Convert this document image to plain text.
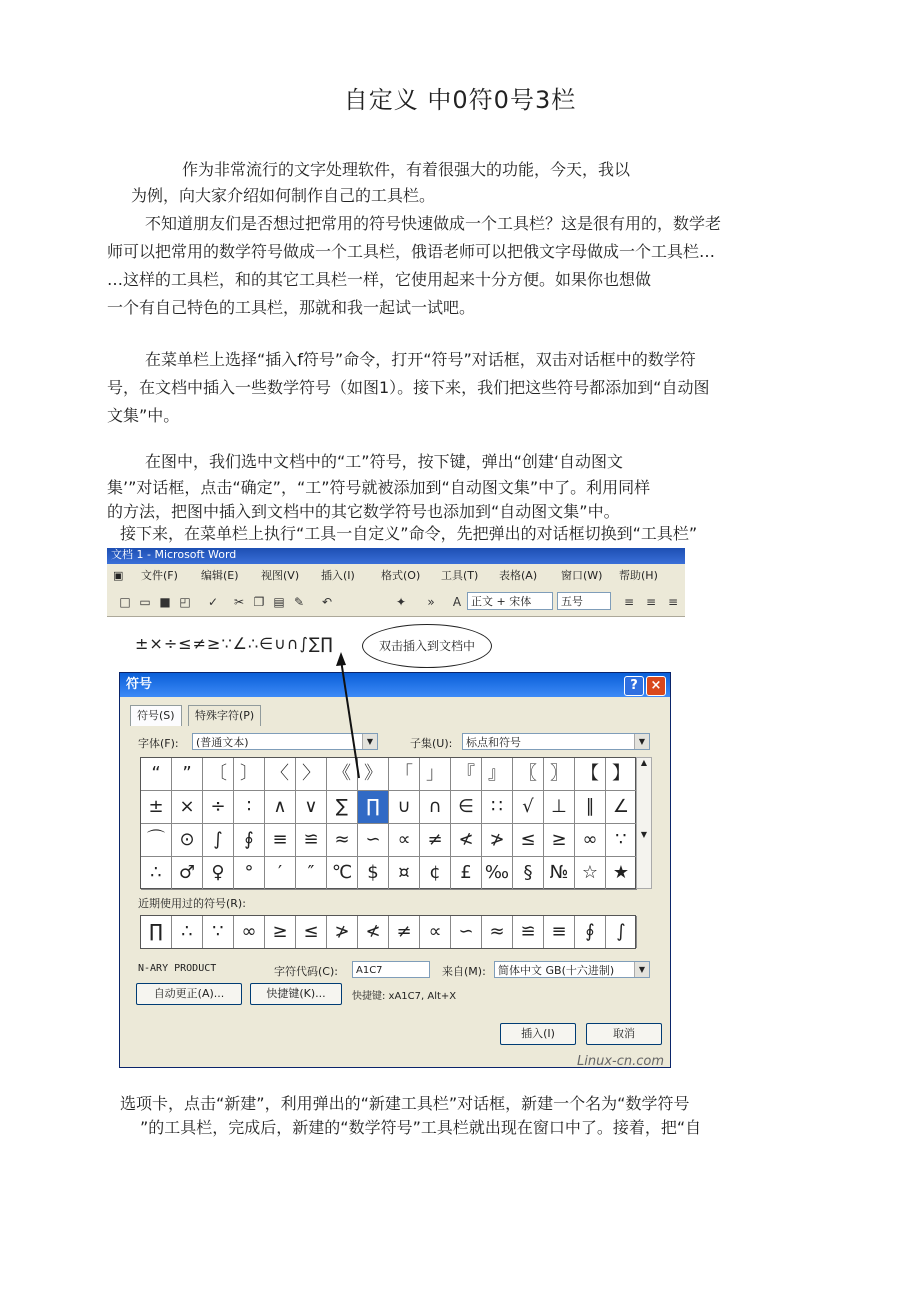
自定义 中0符0号3栏
作为非常流行的文字处理软件，有着很强大的功能，今天，我以
为例，向大家介绍如何制作自己的工具栏。
不知道朋友们是否想过把常用的符号快速做成一个工具栏？这是很有用的，数学老
师可以把常用的数学符号做成一个工具栏，俄语老师可以把俄文字母做成一个工具栏…
…这样的工具栏，和的其它工具栏一样，它使用起来十分方便。如果你也想做
一个有自己特色的工具栏，那就和我一起试一试吧。
在菜单栏上选择“插入f符号”命令，打开“符号”对话框，双击对话框中的数学符
号，在文档中插入一些数学符号（如图1）。接下来，我们把这些符号都添加到“自动图
文集”中。
在图中，我们选中文档中的“工”符号，按下键，弹出“创建‘自动图文
集’”对话框，点击“确定”，“工”符号就被添加到“自动图文集”中了。利用同样
的方法，把图中插入到文档中的其它数学符号也添加到“自动图文集”中。
接下来，在菜单栏上执行“工具一自定义”命令，先把弹出的对话框切换到“工具栏”
文档 1 - Microsoft Word
▣ 文件(F) 编辑(E) 视图(V) 插入(I) 格式(O) 工具(T) 表格(A) 窗口(W) 帮助(H)
□ ▭ ■ ◰ ✓ ✂ ❐ ▤ ✎ ↶	✦	»	A 正文 + 宋体	五号	≡ ≡ ≡
±×÷≤≠≥∵∠∴∈∪∩∫∑∏	双击插入到文档中
符号	? ×
符号(S)	特殊字符(P)
字体(F):	(普通文本)	▼	子集(U):	标点和符号	▼
“	” 〔 〕 〈 〉 《 》 「 」 『 』 〖 〗 【 】
± × ÷	∶	∧ ∨	∑	∏ ∪ ∩ ∈ ∷	√ ⊥	∥	∠
⌒ ⊙	∫	∮	≡ ≌ ≈ ∽ ∝ ≠ ≮ ≯ ≤ ≥ ∞ ∵
∴ ♂ ♀	°	′	″ ℃ $	¤	¢	£ ‰ § № ☆ ★
▲

▼
近期使用过的符号(R):
∏	∴	∵ ∞ ≥ ≤ ≯ ≮ ≠ ∝ ∽ ≈ ≌ ≡	∮	∫
N-ARY PRODUCT	字符代码(C):	A1C7	来自(M):	简体中文 GB(十六进制)	▼
自动更正(A)...	快捷键(K)...	快捷键: xA1C7, Alt+X
插入(I)	取消
Linux-cn.com
选项卡，点击“新建”，利用弹出的“新建工具栏”对话框，新建一个名为“数学符号
”的工具栏，完成后，新建的“数学符号”工具栏就出现在窗口中了。接着，把“自
